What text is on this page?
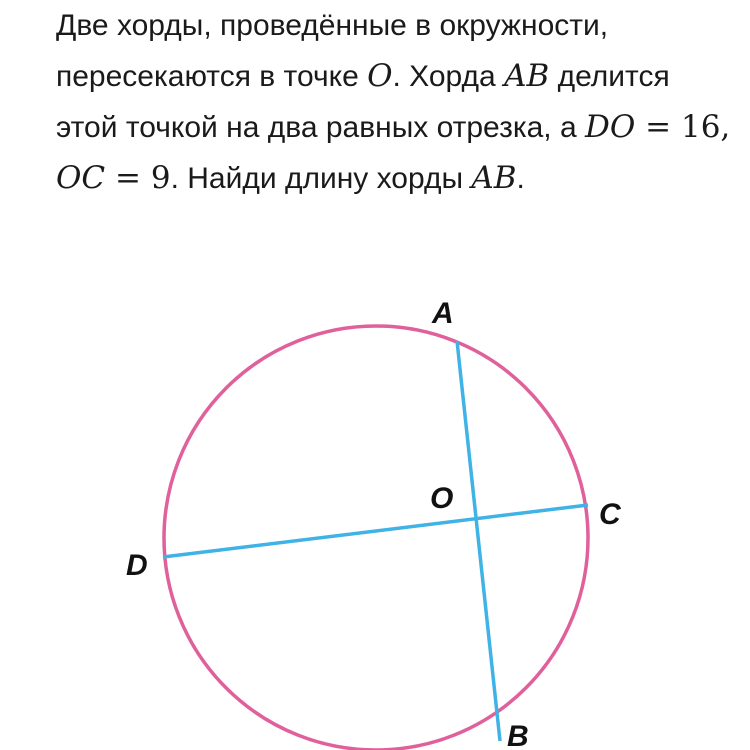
Две хорды, проведённые в окружности, пересекаются в точке O. Хорда AB делится этой точкой на два равных отрезка, а DO = 16, OC = 9. Найди длину хорды AB.

A
B
C
D
O
